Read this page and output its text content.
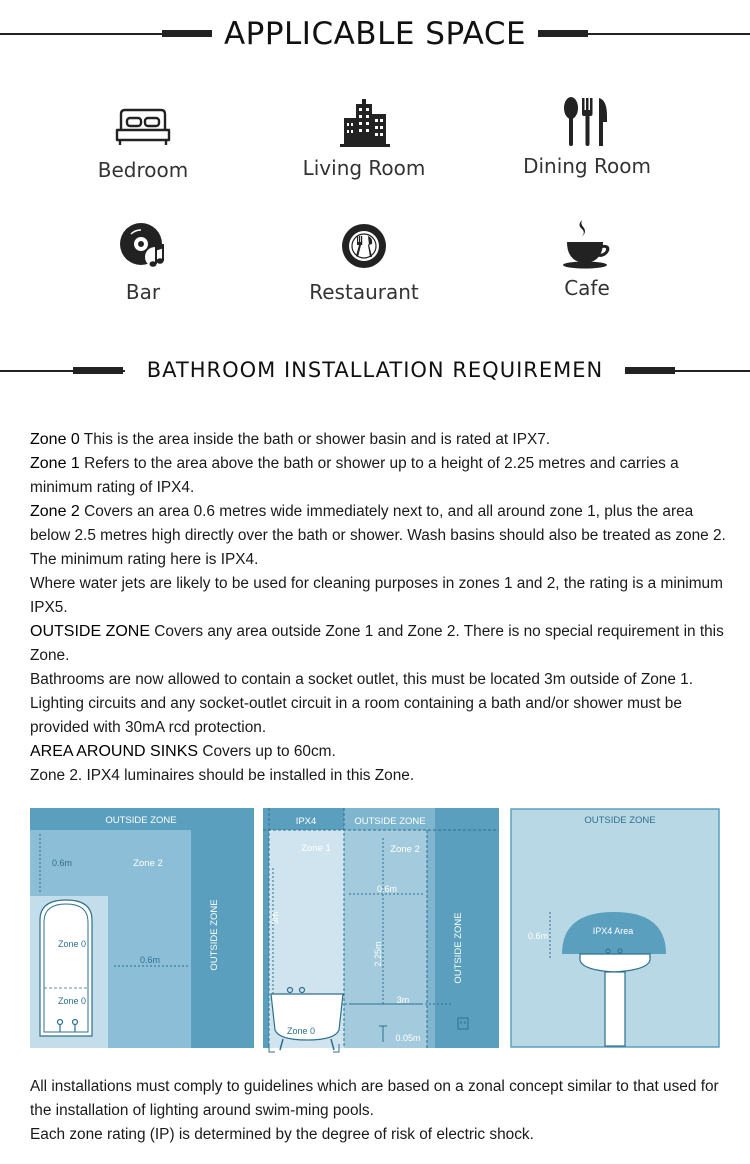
APPLICABLE SPACE
Bedroom	Living Room	Dining Room
Bar	Restaurant	Cafe
BATHROOM INSTALLATION REQUIREMEN

Zone 0 This is the area inside the bath or shower basin and is rated at IPX7.

Zone 1 Refers to the area above the bath or shower up to a height of 2.25 metres and carries a minimum rating of IPX4.

Zone 2 Covers an area 0.6 metres wide immediately next to, and all around zone 1, plus the area below 2.5 metres high directly over the bath or shower. Wash basins should also be treated as zone 2. The minimum rating here is IPX4.

Where water jets are likely to be used for cleaning purposes in zones 1 and 2, the rating is a minimum IPX5.

OUTSIDE ZONE Covers any area outside Zone 1 and Zone 2. There is no special requirement in this Zone.

Bathrooms are now allowed to contain a socket outlet, this must be located 3m outside of Zone 1.

Lighting circuits and any socket-outlet circuit in a room containing a bath and/or shower must be provided with 30mA rcd protection.

AREA AROUND SINKS Covers up to 60cm.

Zone 2. IPX4 luminaires should be installed in this Zone.

OUTSIDE ZONE
OUTSIDE ZONE
Zone 2
0.6m
0.6m
Zone 0
Zone 0
IPX4	OUTSIDE ZONE
Zone 1	Zone 2
OUTSIDE ZONE
0.6m
2.25m
3m
3m
0.05m
Zone 0
OUTSIDE ZONE
IPX4 Area
0.6m

All installations must comply to guidelines which are based on a zonal concept similar to that used for the installation of lighting around swim-ming pools.

Each zone rating (IP) is determined by the degree of risk of electric shock.
